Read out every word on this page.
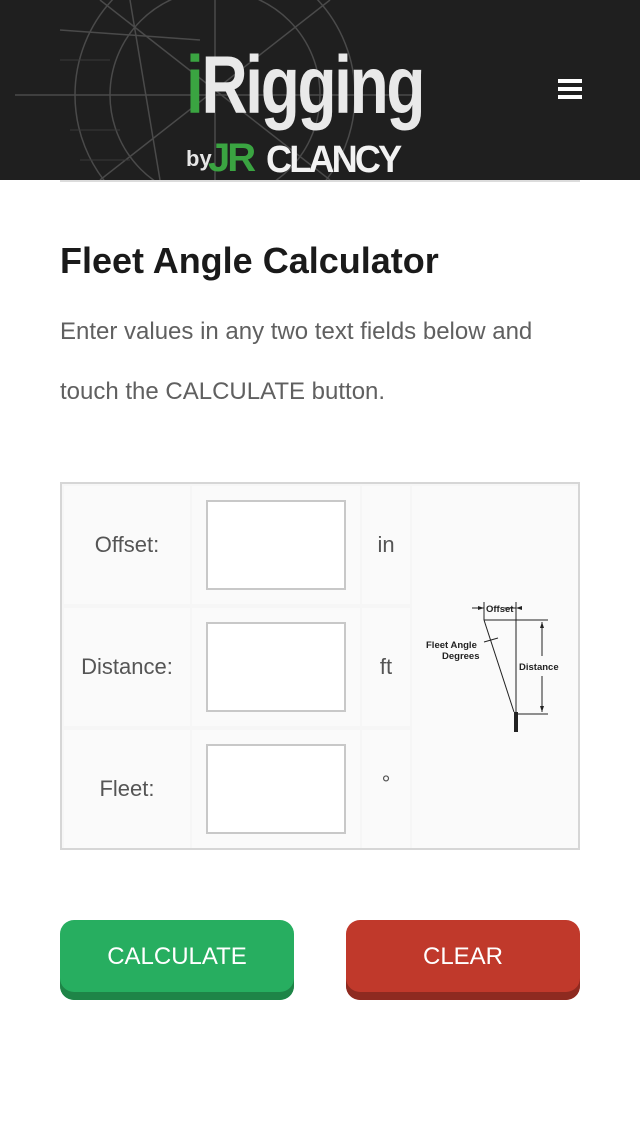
iRigging
by
JR CLANCY
Fleet Angle Calculator

Enter values in any two text fields below and touch the CALCULATE button.

Offset:	in
Distance:	ft
Fleet:	°
Offset
Fleet Angle
Degrees
Distance
CALCULATE	CLEAR
